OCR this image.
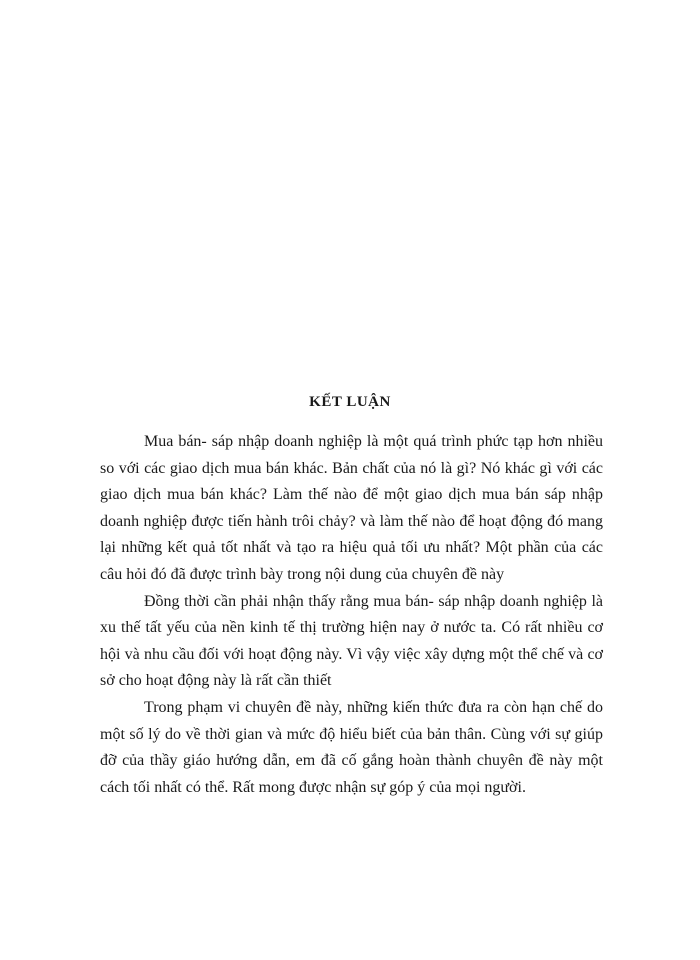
KẾT LUẬN

Mua bán- sáp nhập doanh nghiệp là một quá trình phức tạp hơn nhiều so với các giao dịch mua bán khác. Bản chất của nó là gì? Nó khác gì với các giao dịch mua bán khác? Làm thế nào để một giao dịch mua bán sáp nhập doanh nghiệp được tiến hành trôi chảy? và làm thế nào để hoạt động đó mang lại những kết quả tốt nhất và tạo ra hiệu quả tối ưu nhất? Một phần của các câu hỏi đó đã được trình bày trong nội dung của chuyên đề này

Đồng thời cần phải nhận thấy rằng mua bán- sáp nhập doanh nghiệp là xu thế tất yếu của nền kinh tế thị trường hiện nay ở nước ta. Có rất nhiều cơ hội và nhu cầu đối với hoạt động này. Vì vậy việc xây dựng một thể chế và cơ sở cho hoạt động này là rất cần thiết

Trong phạm vi chuyên đề này, những kiến thức đưa ra còn hạn chế do một số lý do về thời gian và mức độ hiểu biết của bản thân. Cùng với sự giúp đỡ của thầy giáo hướng dẫn, em đã cố gắng hoàn thành chuyên đề này một cách tối nhất có thể. Rất mong được nhận sự góp ý của mọi người.
